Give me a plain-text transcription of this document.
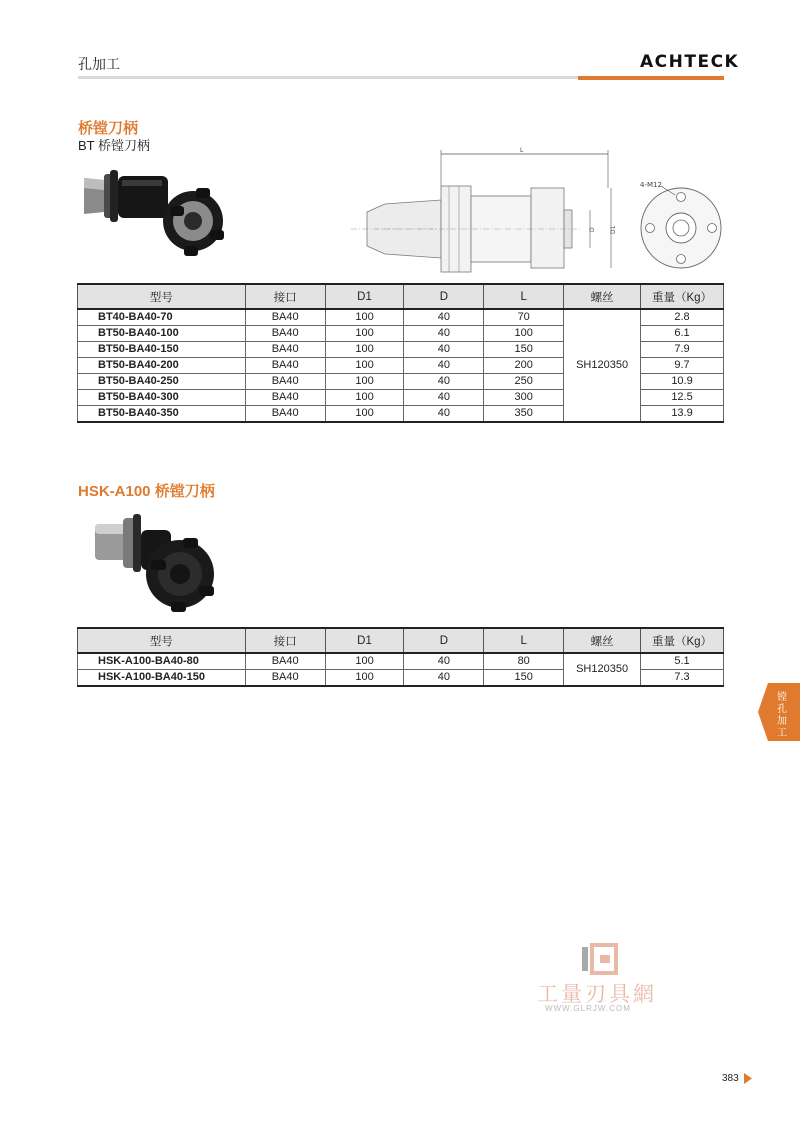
孔加工	ACHTECK
桥镗刀柄
BT 桥镗刀柄	L
D D1
4-M12
型号	接口	D1	D	L	螺丝	重量（Kg）
BT40-BA40-70	BA40	100	40	70	SH120350	2.8
BT50-BA40-100	BA40	100	40	100		6.1
BT50-BA40-150	BA40	100	40	150		7.9
BT50-BA40-200	BA40	100	40	200		9.7
BT50-BA40-250	BA40	100	40	250		10.9
BT50-BA40-300	BA40	100	40	300		12.5
BT50-BA40-350	BA40	100	40	350		13.9
HSK-A100 桥镗刀柄
型号	接口	D1	D	L	螺丝	重量（Kg）
HSK-A100-BA40-80	BA40	100	40	80	SH120350	5.1
HSK-A100-BA40-150	BA40	100	40	150		7.3
镗孔加工
工量刃具網
WWW.GLRJW.COM
383
